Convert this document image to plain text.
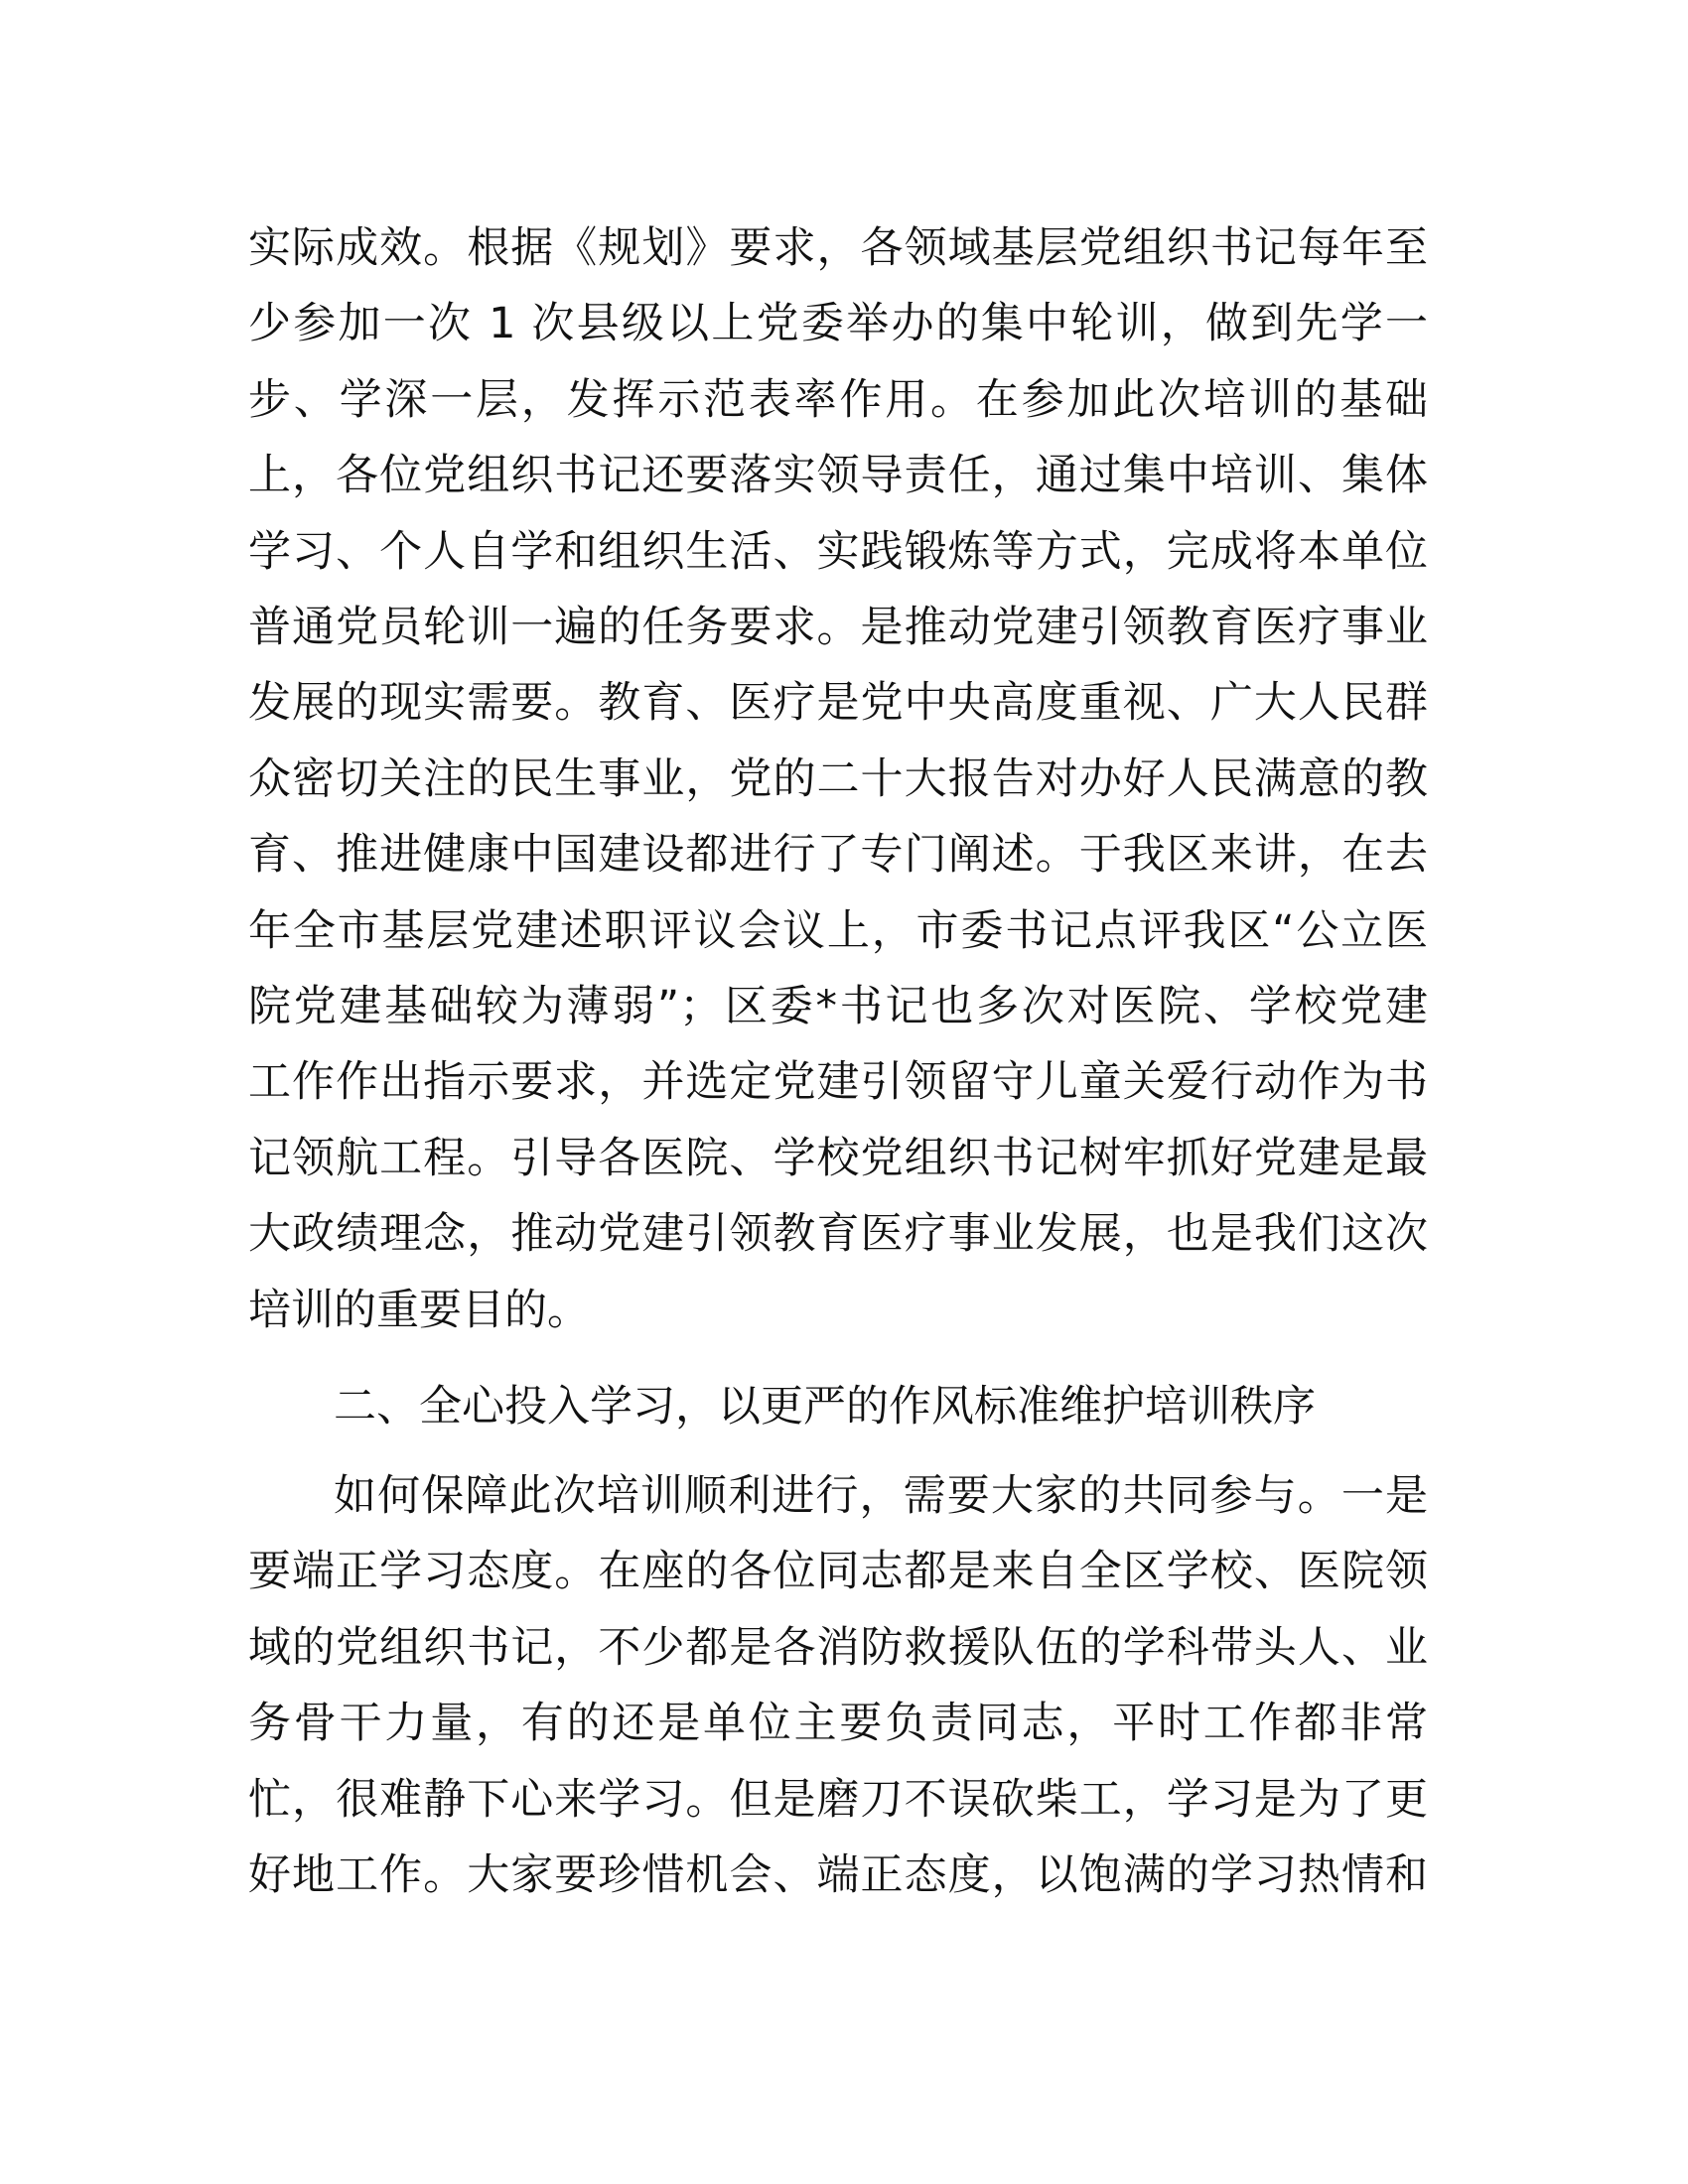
实际成效。根据《规划》要求，各领域基层党组织书记每年至
少参加一次 1 次县级以上党委举办的集中轮训，做到先学一
步、学深一层，发挥示范表率作用。在参加此次培训的基础
上，各位党组织书记还要落实领导责任，通过集中培训、集体
学习、个人自学和组织生活、实践锻炼等方式，完成将本单位
普通党员轮训一遍的任务要求。是推动党建引领教育医疗事业
发展的现实需要。教育、医疗是党中央高度重视、广大人民群
众密切关注的民生事业，党的二十大报告对办好人民满意的教
育、推进健康中国建设都进行了专门阐述。于我区来讲，在去
年全市基层党建述职评议会议上，市委书记点评我区“公立医
院党建基础较为薄弱”；区委*书记也多次对医院、学校党建
工作作出指示要求，并选定党建引领留守儿童关爱行动作为书
记领航工程。引导各医院、学校党组织书记树牢抓好党建是最
大政绩理念，推动党建引领教育医疗事业发展，也是我们这次
培训的重要目的。
二、全心投入学习，以更严的作风标准维护培训秩序
如何保障此次培训顺利进行，需要大家的共同参与。一是
要端正学习态度。在座的各位同志都是来自全区学校、医院领
域的党组织书记，不少都是各消防救援队伍的学科带头人、业
务骨干力量，有的还是单位主要负责同志，平时工作都非常
忙，很难静下心来学习。但是磨刀不误砍柴工，学习是为了更
好地工作。大家要珍惜机会、端正态度，以饱满的学习热情和
